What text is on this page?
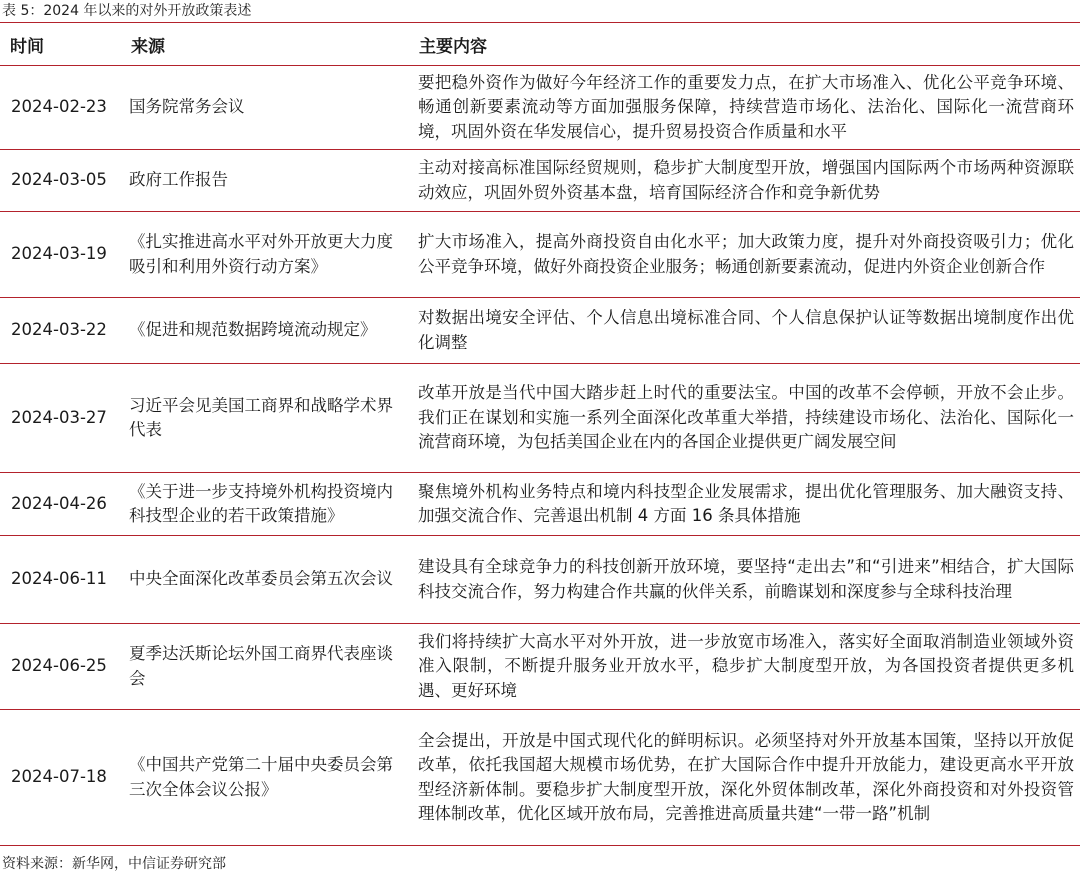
表 5：2024 年以来的对外开放政策表述
时间	来源	主要内容
2024-02-23	国务院常务会议	要把稳外资作为做好今年经济工作的重要发力点，在扩大市场准入、优化公平竞争环境、畅通创新要素流动等方面加强服务保障，持续营造市场化、法治化、国际化一流营商环境，巩固外资在华发展信心，提升贸易投资合作质量和水平
2024-03-05	政府工作报告	主动对接高标准国际经贸规则，稳步扩大制度型开放，增强国内国际两个市场两种资源联动效应，巩固外贸外资基本盘，培育国际经济合作和竞争新优势
2024-03-19	《扎实推进高水平对外开放更大力度吸引和利用外资行动方案》	扩大市场准入，提高外商投资自由化水平；加大政策力度，提升对外商投资吸引力；优化公平竞争环境，做好外商投资企业服务；畅通创新要素流动，促进内外资企业创新合作
2024-03-22	《促进和规范数据跨境流动规定》	对数据出境安全评估、个人信息出境标准合同、个人信息保护认证等数据出境制度作出优化调整
2024-03-27	习近平会见美国工商界和战略学术界代表	改革开放是当代中国大踏步赶上时代的重要法宝。中国的改革不会停顿，开放不会止步。我们正在谋划和实施一系列全面深化改革重大举措，持续建设市场化、法治化、国际化一流营商环境，为包括美国企业在内的各国企业提供更广阔发展空间
2024-04-26	《关于进一步支持境外机构投资境内科技型企业的若干政策措施》	聚焦境外机构业务特点和境内科技型企业发展需求，提出优化管理服务、加大融资支持、加强交流合作、完善退出机制 4 方面 16 条具体措施
2024-06-11	中央全面深化改革委员会第五次会议	建设具有全球竞争力的科技创新开放环境，要坚持“走出去”和“引进来”相结合，扩大国际科技交流合作，努力构建合作共赢的伙伴关系，前瞻谋划和深度参与全球科技治理
2024-06-25	夏季达沃斯论坛外国工商界代表座谈会	我们将持续扩大高水平对外开放，进一步放宽市场准入，落实好全面取消制造业领域外资准入限制，不断提升服务业开放水平，稳步扩大制度型开放，为各国投资者提供更多机遇、更好环境
2024-07-18	《中国共产党第二十届中央委员会第三次全体会议公报》	全会提出，开放是中国式现代化的鲜明标识。必须坚持对外开放基本国策，坚持以开放促改革，依托我国超大规模市场优势，在扩大国际合作中提升开放能力，建设更高水平开放型经济新体制。要稳步扩大制度型开放，深化外贸体制改革，深化外商投资和对外投资管理体制改革，优化区域开放布局，完善推进高质量共建“一带一路”机制
资料来源：新华网，中信证券研究部
